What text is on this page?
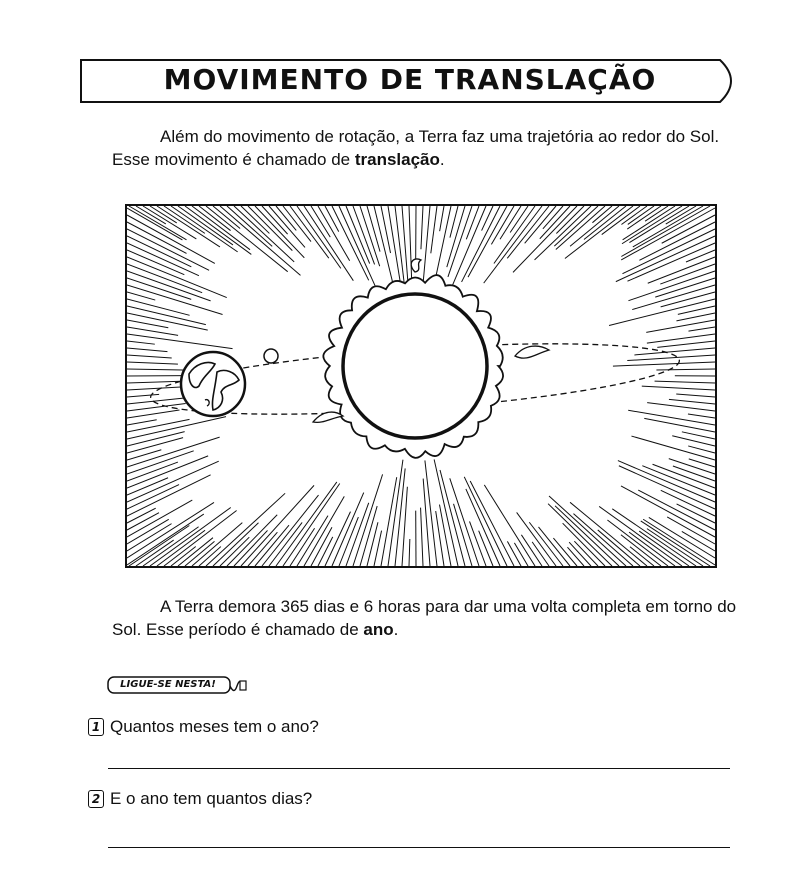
MOVIMENTO DE TRANSLAÇÃO

Além do movimento de rotação, a Terra faz uma trajetória ao redor do Sol. Esse movimento é chamado de translação.

A Terra demora 365 dias e 6 horas para dar uma volta completa em torno do Sol. Esse período é chamado de ano.

LIGUE-SE NESTA!
1 Quantos meses tem o ano?
2 E o ano tem quantos dias?
